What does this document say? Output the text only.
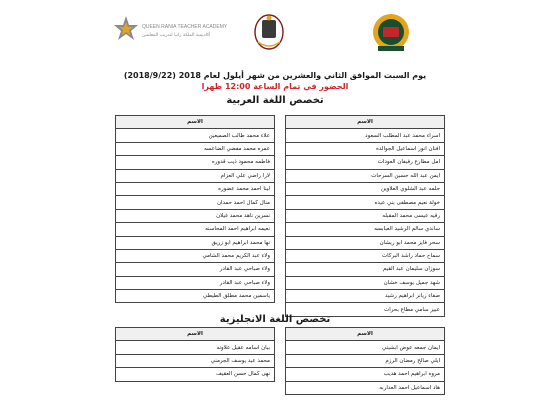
QUEEN RANIA TEACHER ACADEMY
أكاديمية الملكة رانيا لتدريب المعلمين
يوم السبت الموافق الثاني والعشرين من شهر أيلول لعام 2018 (2018/9/22)
الحضور في تمام الساعة 12:00 ظهرا
تخصص اللغة العربية
الاسم
اسراء محمد عبد المطلب السعود
افنان انور اسماعيل الجوالده
امل مطارع رفيفان العودات
ايمن عبد الله حسين السرحات
حلمه عبد الشلوي العلاوين
خولة نعيم مصطفى بني عيده
رقيه عيسى محمد المقبله
ساندي سالم الرشيد العبابسه
سحر فايز محمد ابو ريشان
سماح حماد راشد البركات
سوزان سليمان عبد القيم
شهد جميل يوسف خشان
صفاء ريانر ابراهيم رشيد
عبير سامي مطاع بحرات
الاسم
علاء محمد طالب الصميعين
عمره محمد مفضي الضاعسه
فاطمه محمود ذيب قدوره
لارا راضي علي العزام
لينا احمد محمد عضوره
منال كمال احمد حمدان
نسرين ناهد محمد غيلان
نعيمه ابراهيم احمد المحاسنه
نها محمد ابراهيم ابو زريق
ولاء عبد الكريم محمد الشامي
ولاء صباحي عبد القادر
ولاء صباحي عبد القادر
ياسمين محمد مطلق الطيطي
تخصص اللغة الانجليزية
الاسم
ايمان جمعه عوض ابشيتي
ايلي صالح رمضان الرزم
مروه ابراهيم احمد هديب
هاد اسماعيل احمد العداربه
الاسم
بيان اسامه عقيل علاونه
محمد عيد يوسف الجرمني
نهى كمال حسن العقيف
